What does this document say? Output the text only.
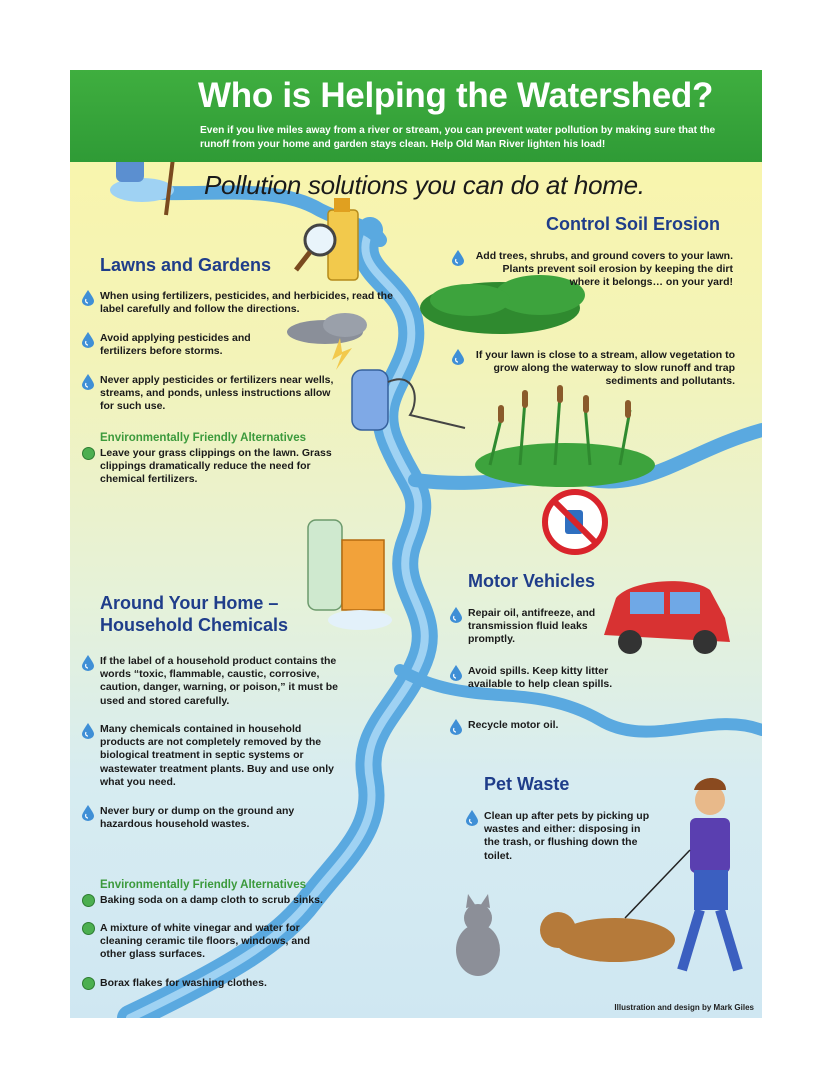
Who is Helping the Watershed?

Even if you live miles away from a river or stream, you can prevent water pollution by making sure that the runoff from your home and garden stays clean. Help Old Man River lighten his load!

Pollution solutions you can do at home.

Lawns and Gardens
When using fertilizers, pesticides, and herbicides, read the label carefully and follow the directions.
Avoid applying pesticides and fertilizers before storms.
Never apply pesticides or fertilizers near wells, streams, and ponds, unless instructions allow for such use.

Environmentally Friendly Alternatives

Leave your grass clippings on the lawn. Grass clippings dramatically reduce the need for chemical fertilizers.
Control Soil Erosion
Add trees, shrubs, and ground covers to your lawn. Plants prevent soil erosion by keeping the dirt where it belongs… on your yard!
If your lawn is close to a stream, allow vegetation to grow along the waterway to slow runoff and trap sediments and pollutants.
Around Your Home –
Household Chemicals
If the label of a household product contains the words “toxic, flammable, caustic, corrosive, caution, danger, warning, or poison,” it must be used and stored carefully.
Many chemicals contained in household products are not completely removed by the biological treatment in septic systems or wastewater treatment plants. Buy and use only what you need.
Never bury or dump on the ground any hazardous household wastes.

Environmentally Friendly Alternatives

Baking soda on a damp cloth to scrub sinks.
A mixture of white vinegar and water for cleaning ceramic tile floors, windows, and other glass surfaces.
Borax flakes for washing clothes.
Motor Vehicles
Repair oil, antifreeze, and transmission fluid leaks promptly.
Avoid spills. Keep kitty litter available to help clean spills.
Recycle motor oil.
Pet Waste
Clean up after pets by picking up wastes and either: disposing in the trash, or flushing down the toilet.
Illustration and design by Mark Giles
